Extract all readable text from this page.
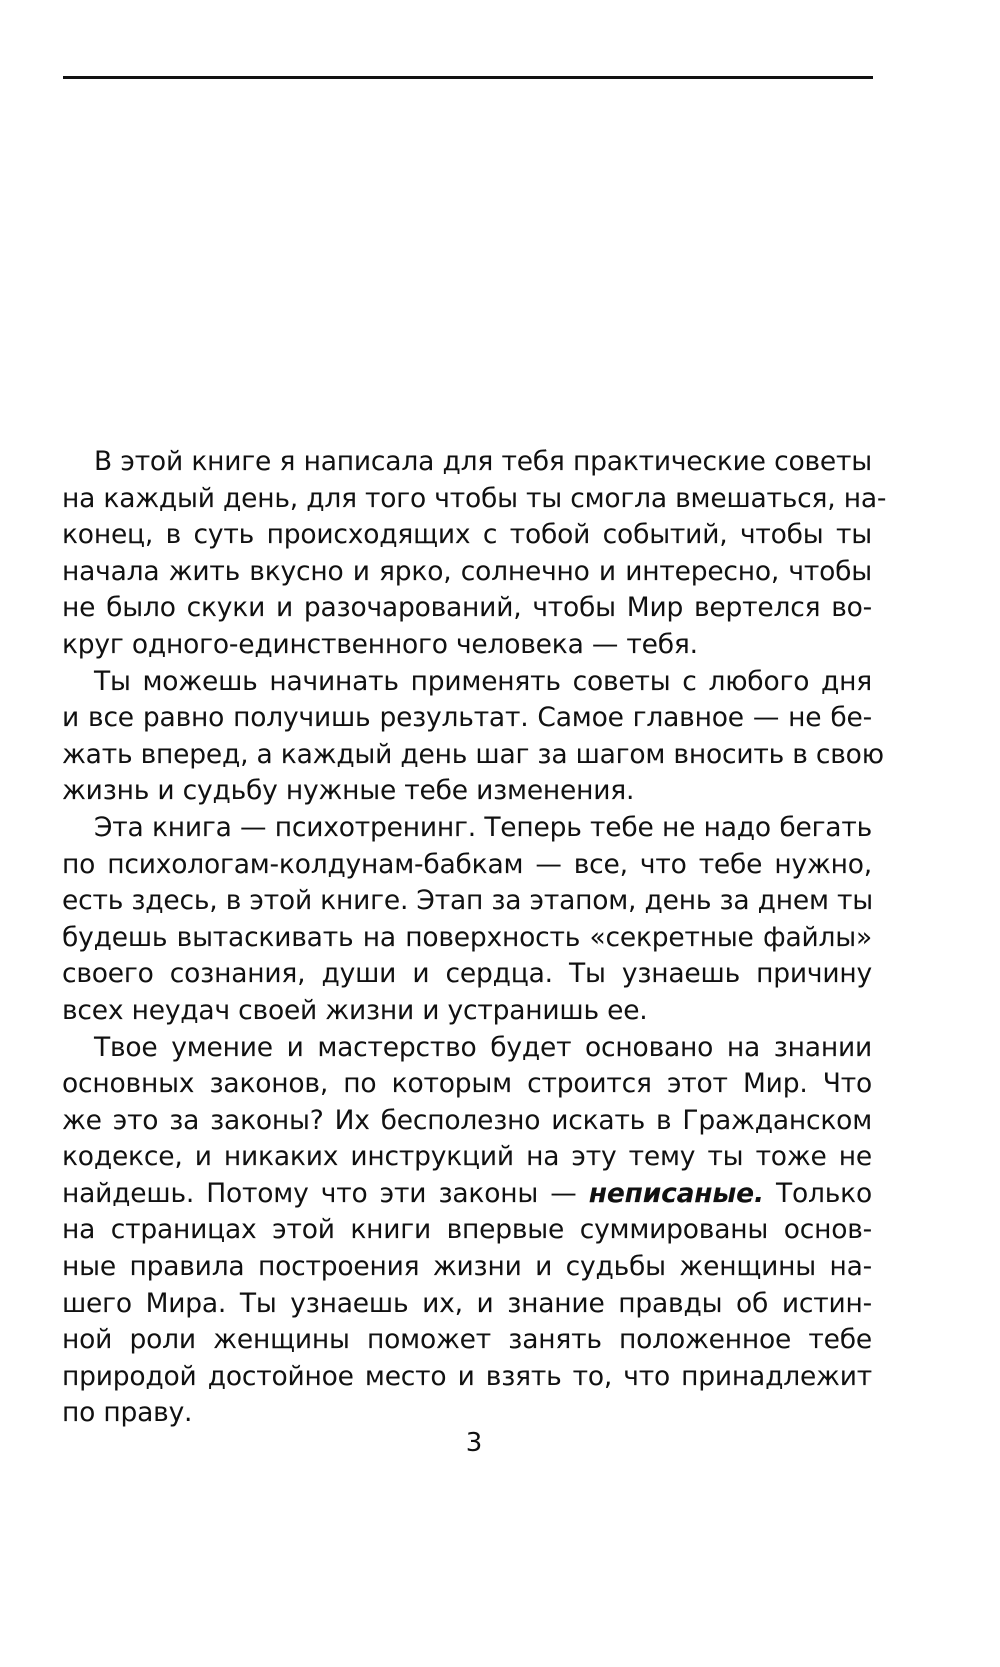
В этой книге я написала для тебя практические советы
на каждый день, для того чтобы ты смогла вмешаться, на-
конец, в суть происходящих с тобой событий, чтобы ты
начала жить вкусно и ярко, солнечно и интересно, чтобы
не было скуки и разочарований, чтобы Мир вертелся во-
круг одного-единственного человека — тебя.

Ты можешь начинать применять советы с любого дня
и все равно получишь результат. Самое главное — не бе-
жать вперед, а каждый день шаг за шагом вносить в свою
жизнь и судьбу нужные тебе изменения.

Эта книга — психотренинг. Теперь тебе не надо бегать
по психологам-колдунам-бабкам — все, что тебе нужно,
есть здесь, в этой книге. Этап за этапом, день за днем ты
будешь вытаскивать на поверхность «секретные файлы»
своего сознания, души и сердца. Ты узнаешь причину
всех неудач своей жизни и устранишь ее.

Твое умение и мастерство будет основано на знании
основных законов, по которым строится этот Мир. Что
же это за законы? Их бесполезно искать в Гражданском
кодексе, и никаких инструкций на эту тему ты тоже не
найдешь. Потому что эти законы — неписаные. Только
на страницах этой книги впервые суммированы основ-
ные правила построения жизни и судьбы женщины на-
шего Мира. Ты узнаешь их, и знание правды об истин-
ной роли женщины поможет занять положенное тебе
природой достойное место и взять то, что принадлежит
по праву.

3
